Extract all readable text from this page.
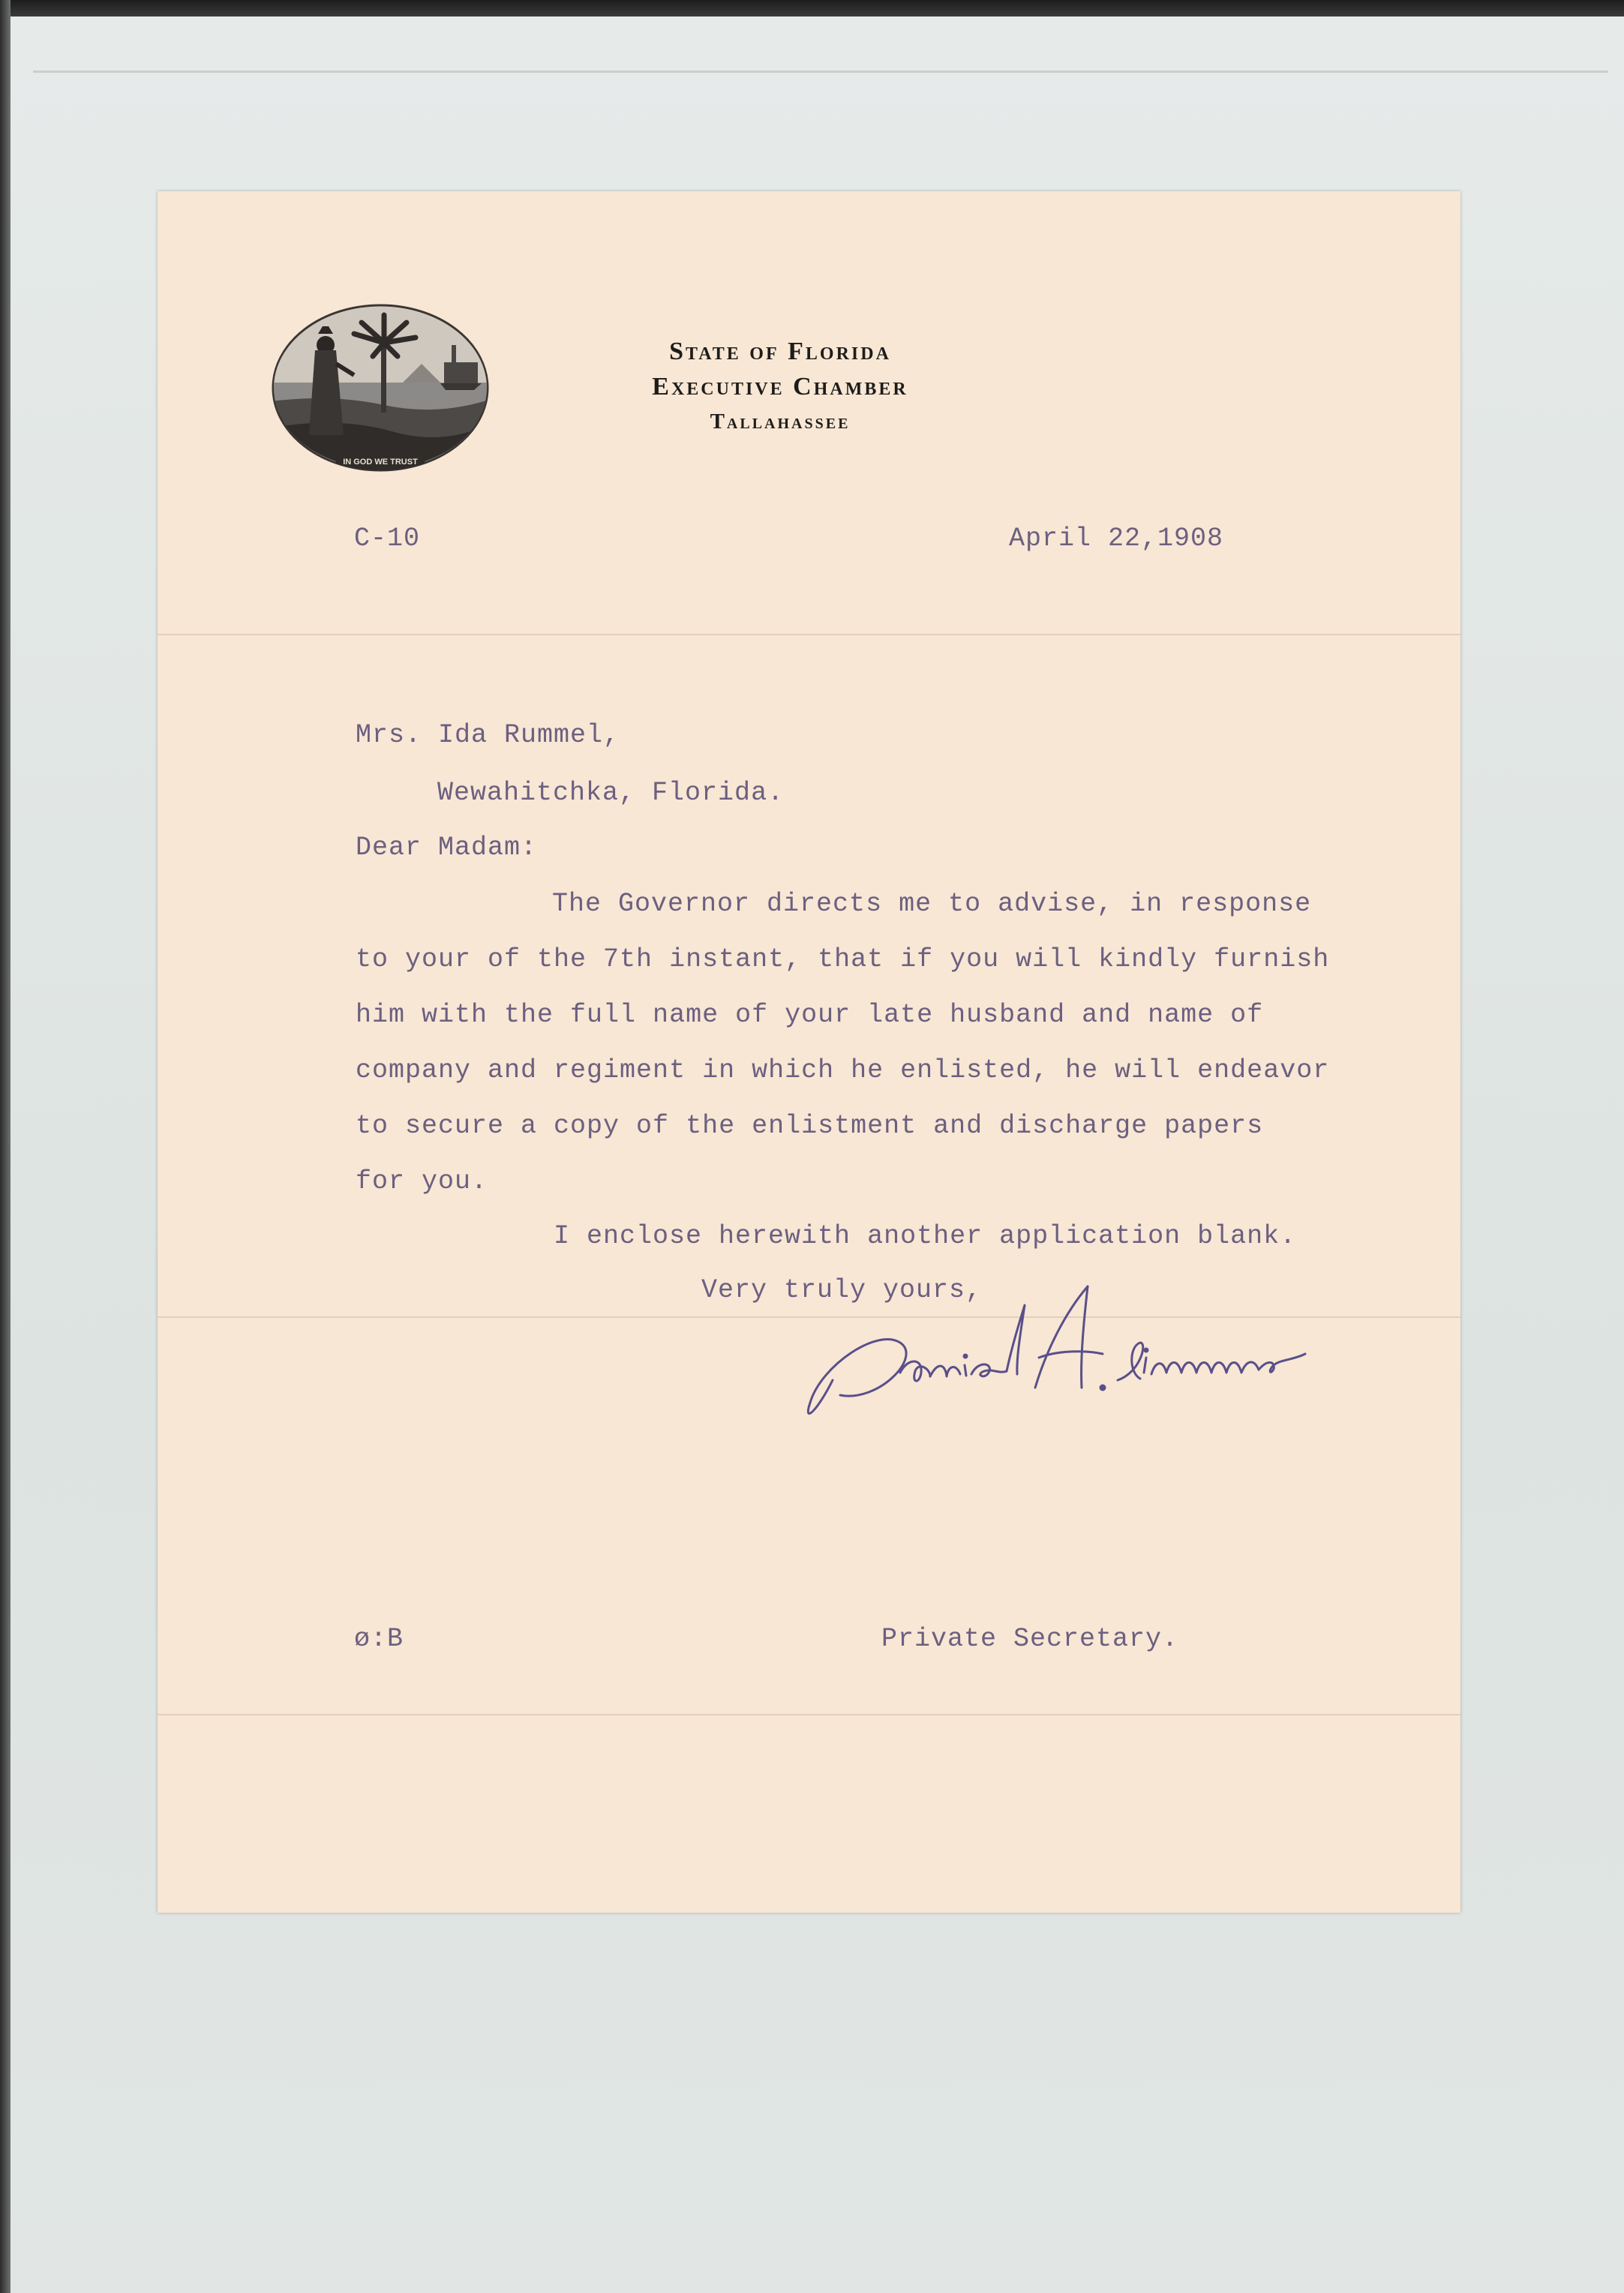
IN GOD WE TRUST
State of Florida
Executive Chamber
Tallahassee
C-10	April 22,1908
Mrs. Ida Rummel,
Wewahitchka, Florida.
Dear Madam:
The Governor directs me to advise, in response
to your of the 7th instant, that if you will kindly furnish
him with the full name of your late husband and name of
company and regiment in which he enlisted, he will endeavor
to secure a copy of the enlistment and discharge papers
for you.
I enclose herewith another application blank.
Very truly yours,
ø:B	Private Secretary.
